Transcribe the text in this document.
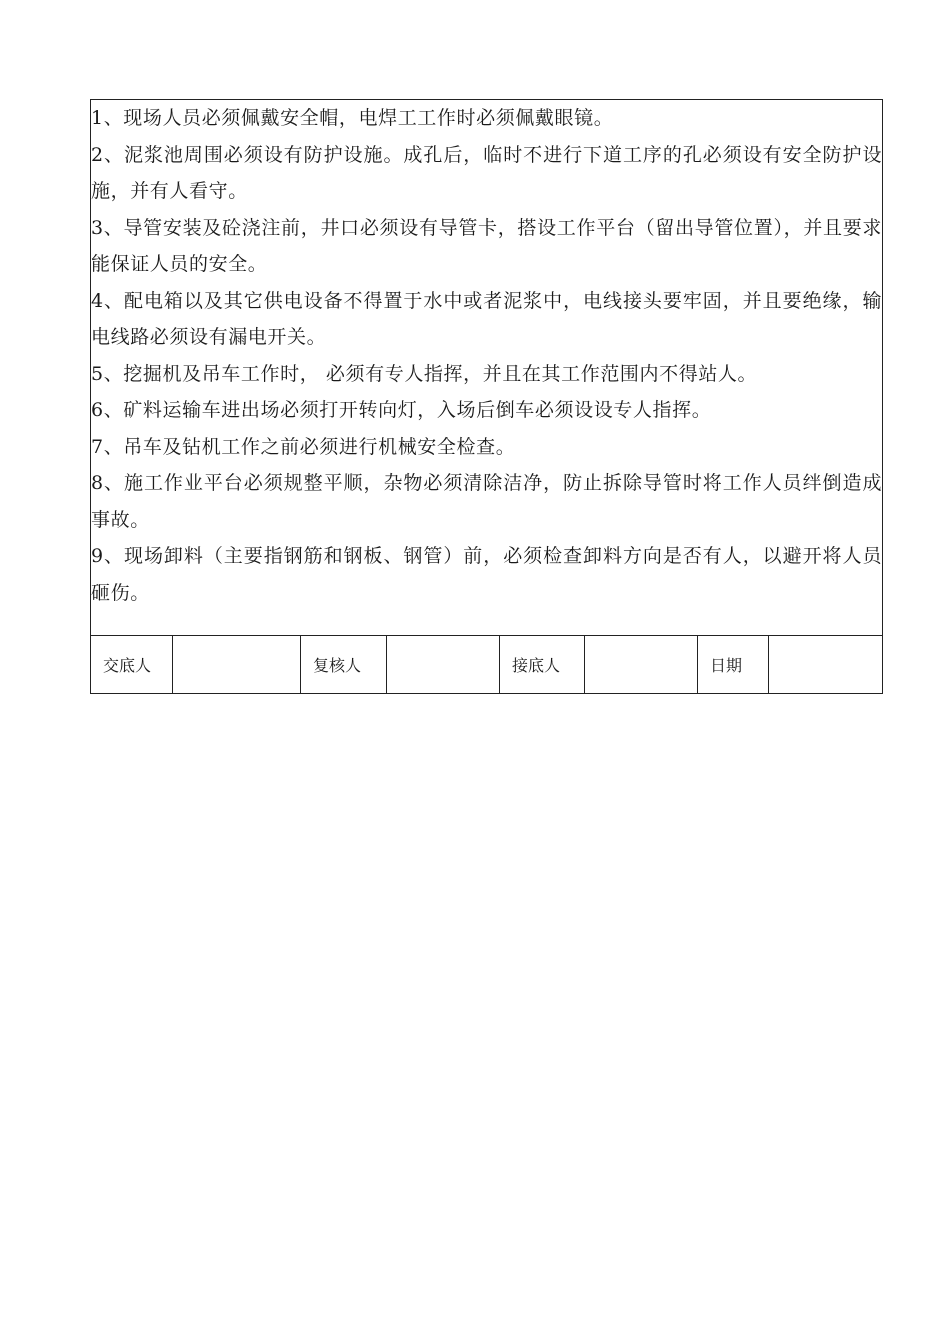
1、现场人员必须佩戴安全帽，电焊工工作时必须佩戴眼镜。

2、泥浆池周围必须设有防护设施。成孔后，临时不进行下道工序的孔必须设有安全防护设施，并有人看守。

3、导管安装及砼浇注前，井口必须设有导管卡，搭设工作平台（留出导管位置），并且要求能保证人员的安全。

4、配电箱以及其它供电设备不得置于水中或者泥浆中，电线接头要牢固，并且要绝缘，输电线路必须设有漏电开关。

5、挖掘机及吊车工作时， 必须有专人指挥，并且在其工作范围内不得站人。

6、矿料运输车进出场必须打开转向灯，入场后倒车必须设设专人指挥。

7、吊车及钻机工作之前必须进行机械安全检查。

8、施工作业平台必须规整平顺，杂物必须清除洁净，防止拆除导管时将工作人员绊倒造成事故。

9、现场卸料（主要指钢筋和钢板、钢管）前，必须检查卸料方向是否有人，以避开将人员砸伤。

交底人		复核人		接底人		日期	
